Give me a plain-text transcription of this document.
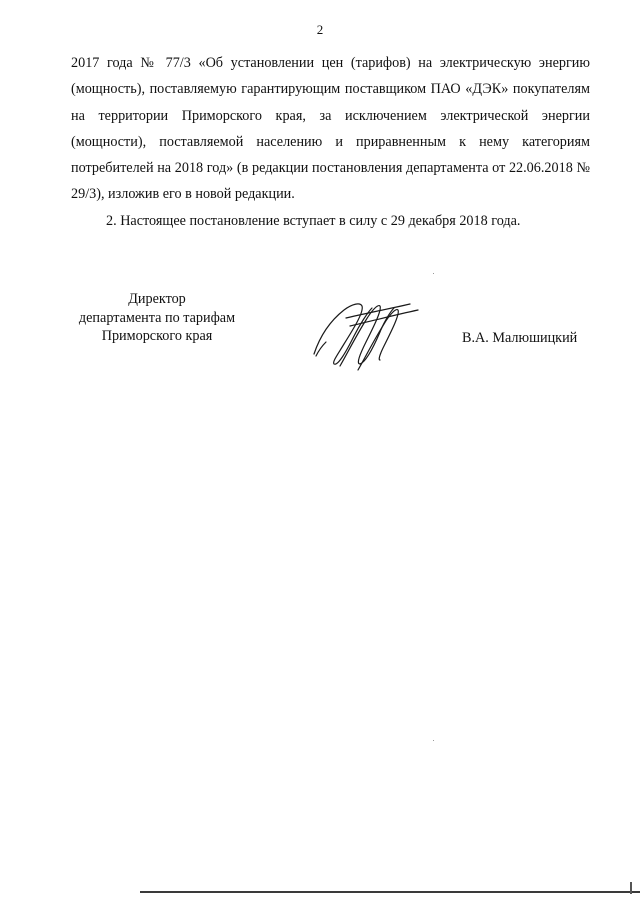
2

2017 года № 77/3 «Об установлении цен (тарифов) на электрическую энергию (мощность), поставляемую гарантирующим поставщиком ПАО «ДЭК» покупателям на территории Приморского края, за исключением электрической энергии (мощности), поставляемой населению и приравненным к нему категориям потребителей на 2018 год» (в редакции постановления департамента от 22.06.2018 № 29/3), изложив его в новой редакции.

2. Настоящее постановление вступает в силу с 29 декабря 2018 года.

Директор
департамента по тарифам
Приморского края	В.А. Малюшицкий
